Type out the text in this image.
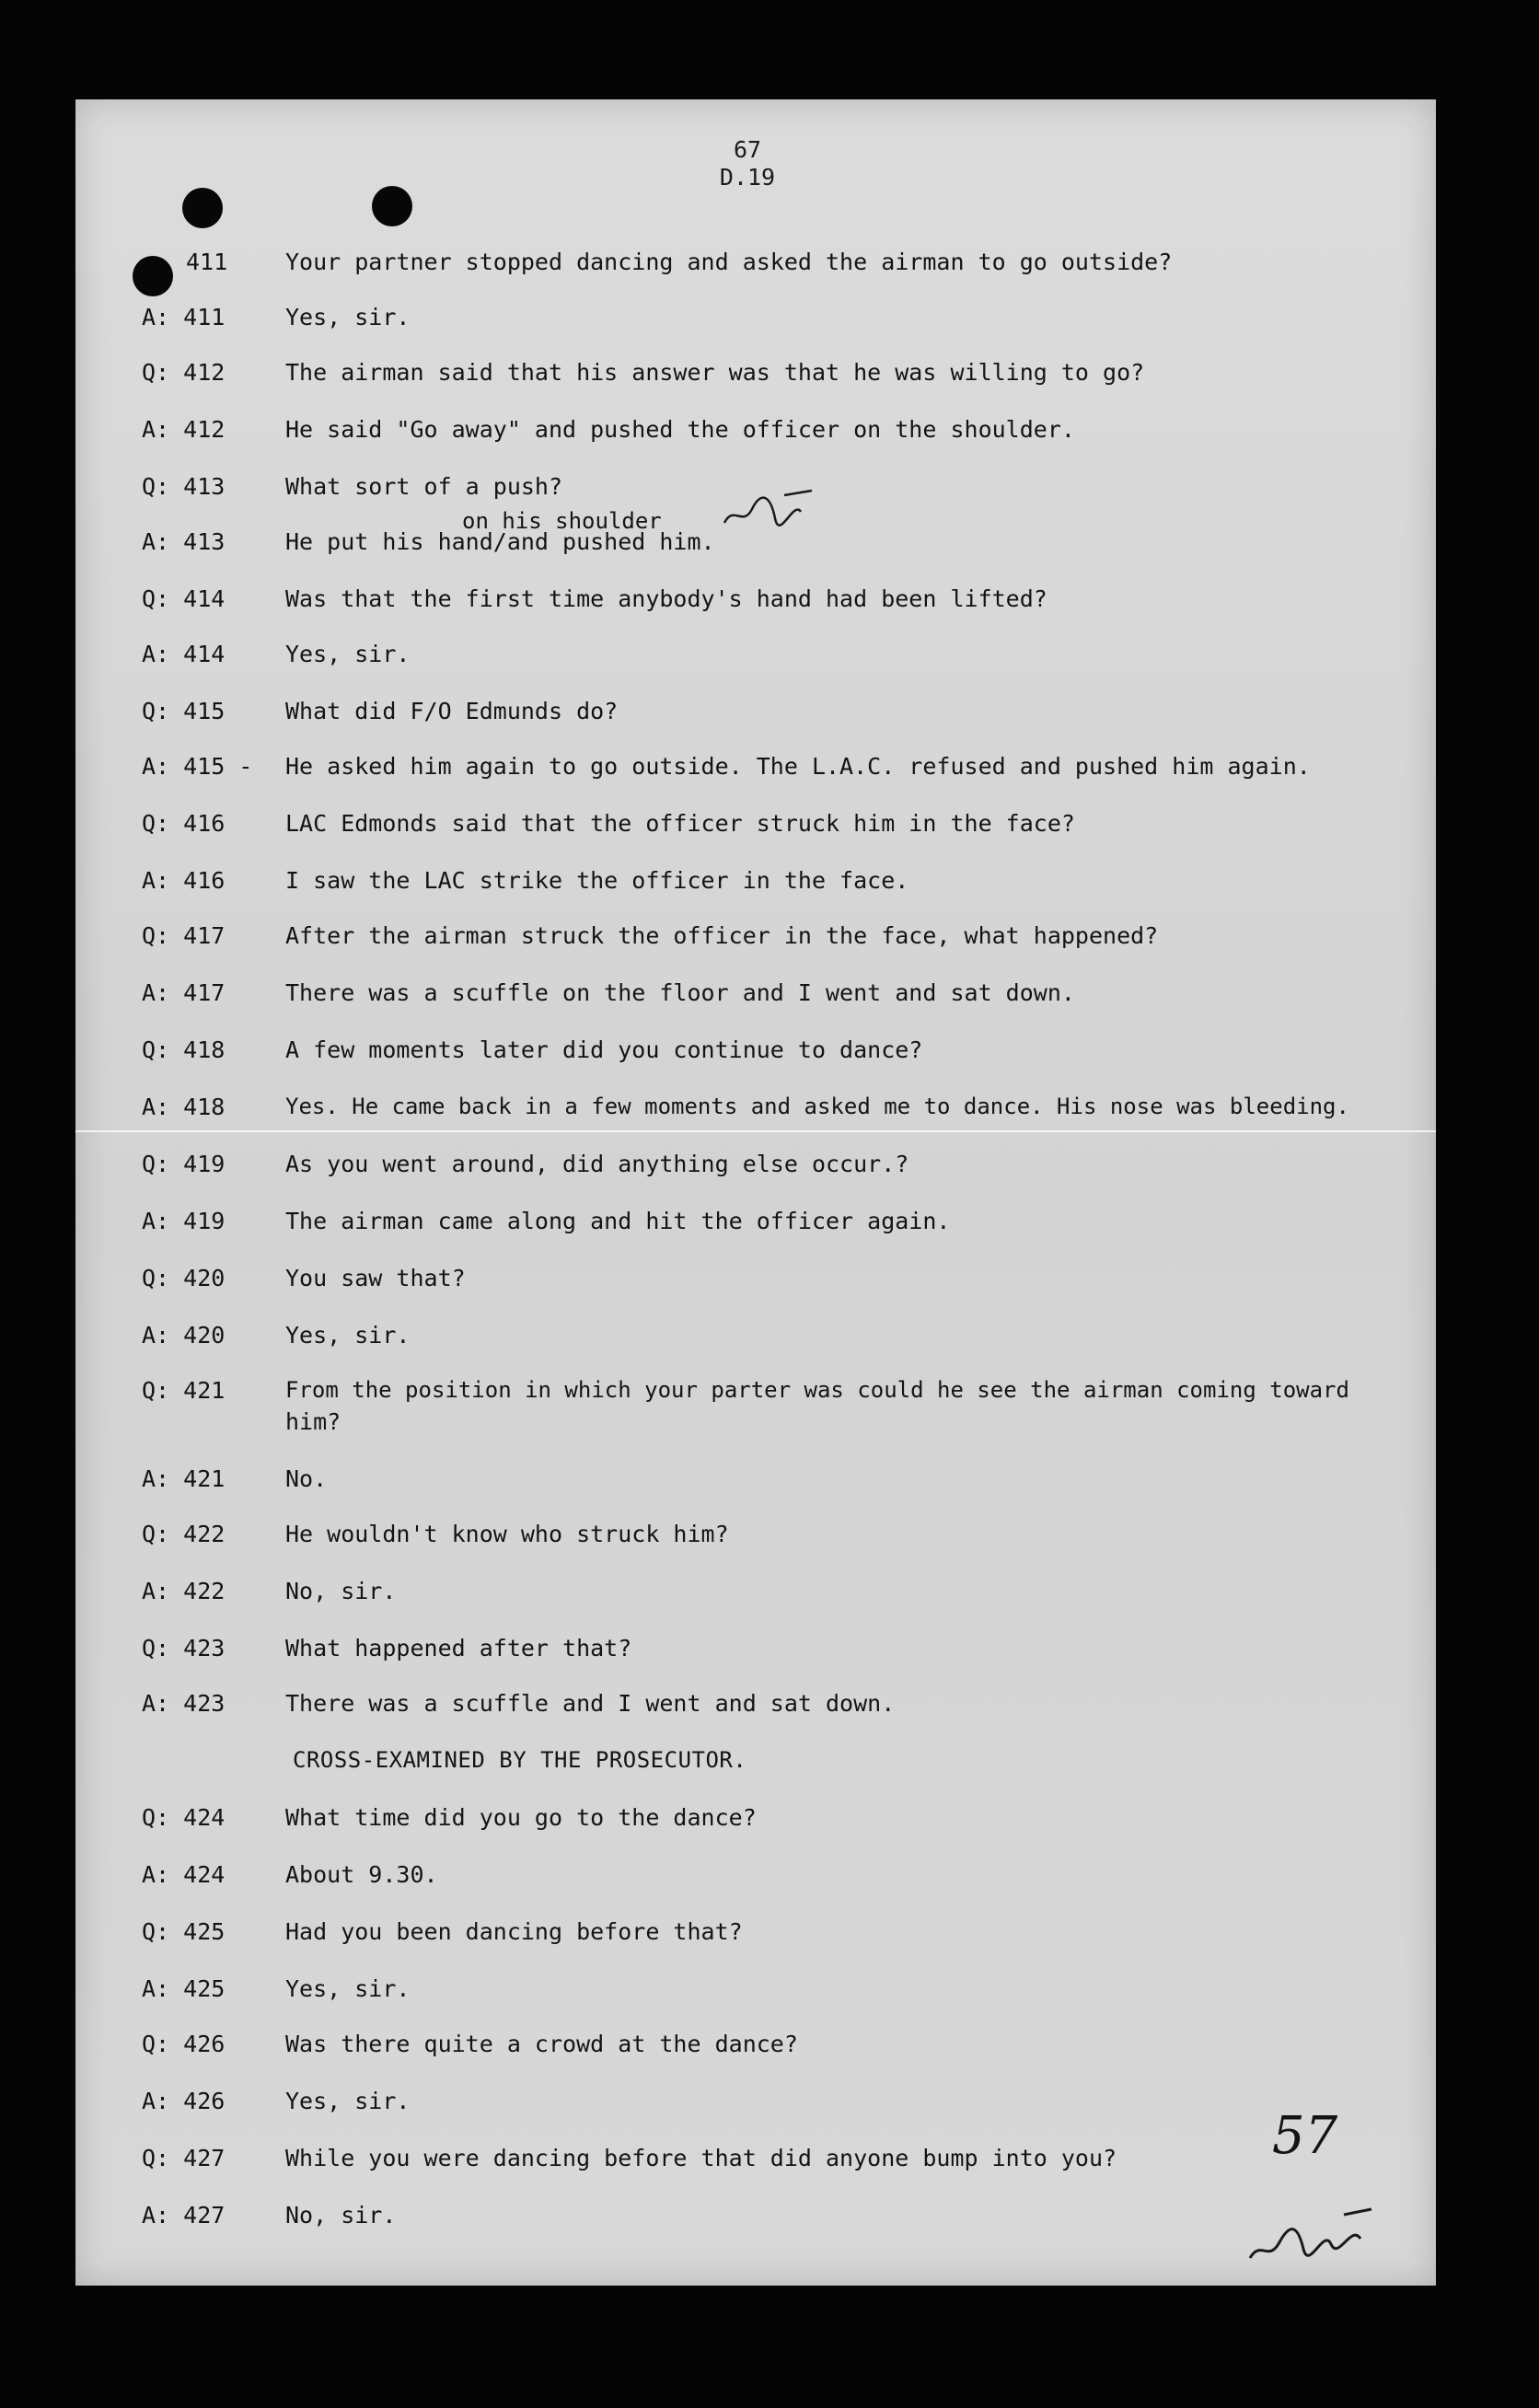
67
D.19
411	Your partner stopped dancing and asked the airman to go outside?
A: 411	Yes, sir.
Q: 412	The airman said that his answer was that he was willing to go?
A: 412	He said "Go away" and pushed the officer on the shoulder.
Q: 413	What sort of a push?
on his shoulder
A: 413	He put his hand/and pushed him.
Q: 414	Was that the first time anybody's hand had been lifted?
A: 414	Yes, sir.
Q: 415	What did F/O Edmunds do?
A: 415 - He asked him again to go outside. The L.A.C. refused and pushed him again.
Q: 416	LAC Edmonds said that the officer struck him in the face?
A: 416	I saw the LAC strike the officer in the face.
Q: 417	After the airman struck the officer in the face, what happened?
A: 417	There was a scuffle on the floor and I went and sat down.
Q: 418	A few moments later did you continue to dance?
A: 418	Yes. He came back in a few moments and asked me to dance. His nose was bleeding.
Q: 419	As you went around, did anything else occur.?
A: 419	The airman came along and hit the officer again.
Q: 420	You saw that?
A: 420	Yes, sir.
Q: 421	From the position in which your parter was could he see the airman coming toward
him?
A: 421	No.
Q: 422	He wouldn't know who struck him?
A: 422	No, sir.
Q: 423	What happened after that?
A: 423	There was a scuffle and I went and sat down.
CROSS-EXAMINED BY THE PROSECUTOR.
Q: 424	What time did you go to the dance?
A: 424	About 9.30.
Q: 425	Had you been dancing before that?
A: 425	Yes, sir.
Q: 426	Was there quite a crowd at the dance?
A: 426	Yes, sir.
Q: 427	While you were dancing before that did anyone bump into you?
A: 427	No, sir.
57
